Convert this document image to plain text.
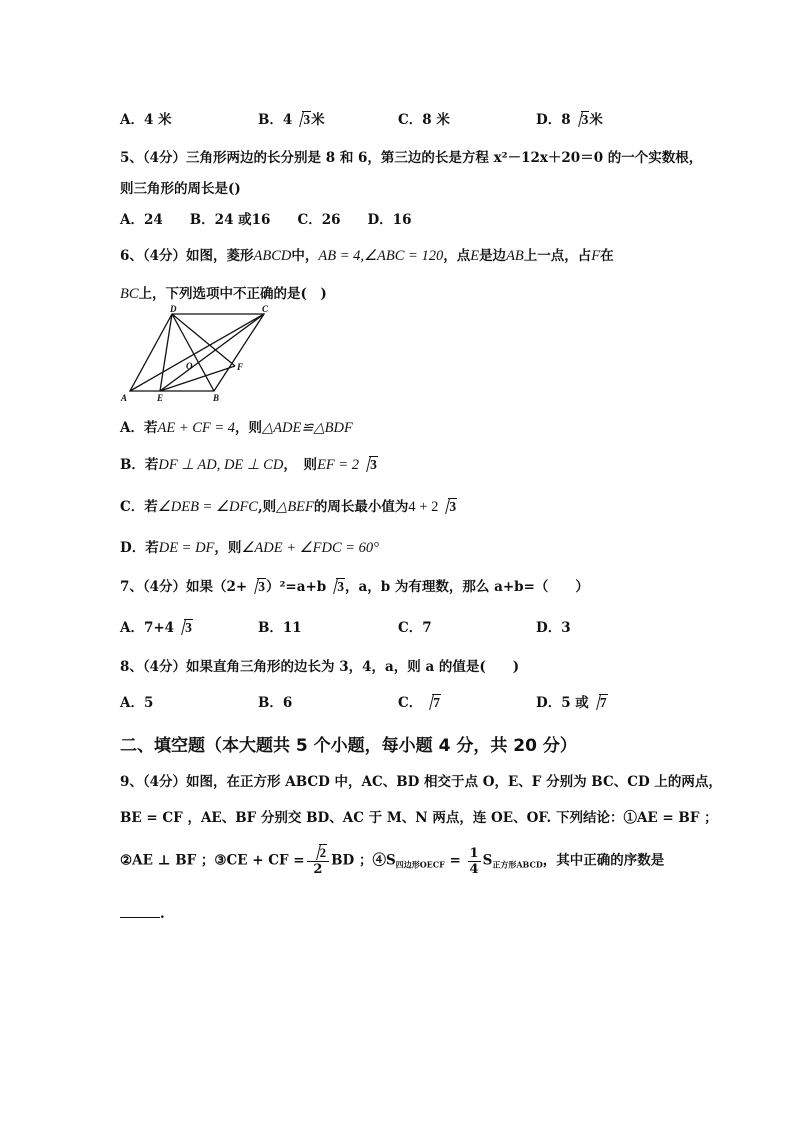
A．4 米	B．4 3米	C．8 米	D．8 3米
5、（4分）三角形两边的长分别是 8 和 6，第三边的长是方程 x²－12x＋20＝0 的一个实数根，
则三角形的周长是()
A．24　　B．24 或16　　C．26　　D．16
6、（4分）如图，菱形ABCD中，AB = 4,∠ABC = 120，点E是边AB上一点，占F在
BC上，下列选项中不正确的是(　)
D	C
A	E	B
F
O
A．若AE + CF = 4，则△ADE≌△BDF
B．若DF ⊥ AD, DE ⊥ CD，　则EF = 2 3
C．若∠DEB = ∠DFC,则△BEF的周长最小值为4 + 2 3
D．若DE = DF，则∠ADE + ∠FDC = 60°
7、（4分）如果（2+ 3）²=a+b 3，a，b 为有理数，那么 a+b=（　　）
A．7+4 3	B．11	C．7	D．3
8、（4分）如果直角三角形的边长为 3，4，a，则 a 的值是(　　)
A．5	B．6	C． 7	D．5 或 7
二、填空题（本大题共 5 个小题，每小题 4 分，共 20 分）
9、（4分）如图，在正方形 ABCD 中，AC、BD 相交于点 O，E、F 分别为 BC、CD 上的两点，
BE = CF ，AE、BF 分别交 BD、AC 于 M、N 两点，连 OE、OF. 下列结论：①AE = BF ；
②AE ⊥ BF ；③CE + CF = $\frac{2}{2}$ BD ；$④S_{四边形OECF} = \frac{1}{4} S_{正方形ABCD}$，其中正确的序数是
.
